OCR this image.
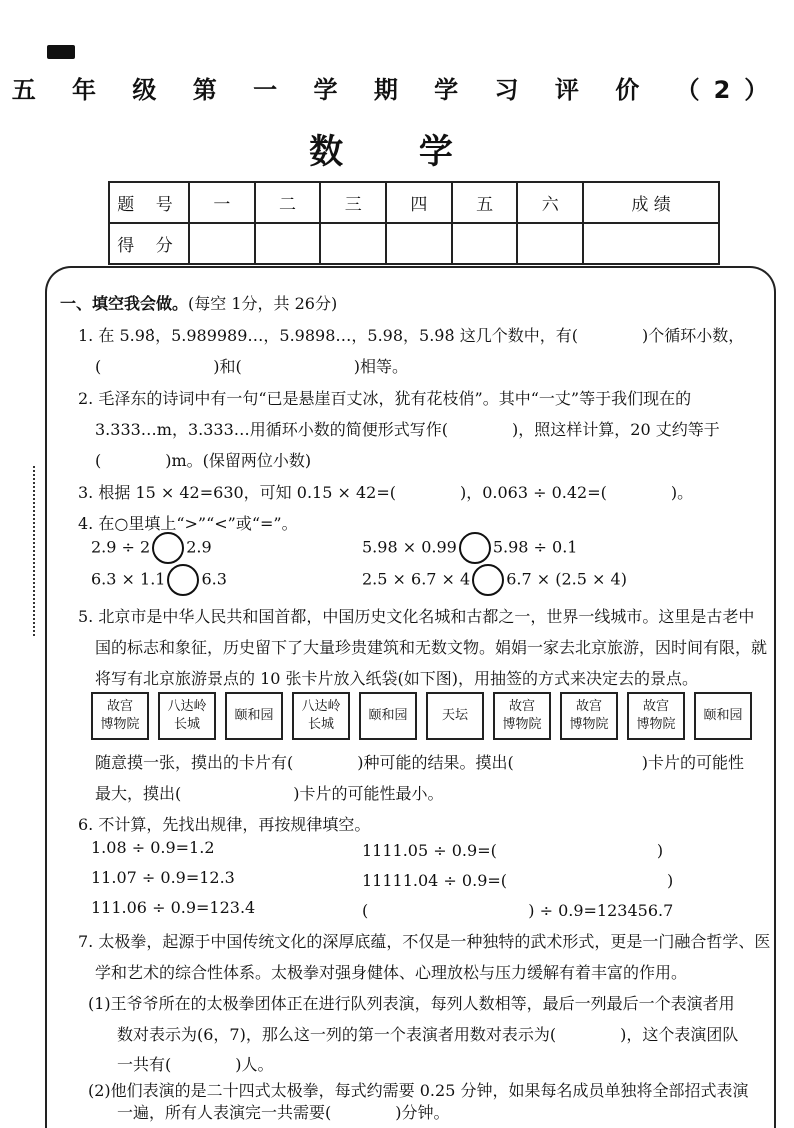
五 年 级 第 一 学 期 学 习 评 价 （2）
数 学
题 号	一	二	三	四	五	六	成 绩
得 分							
一、填空我会做。(每空 1分，共 26分)
1. 在 5.98̇，5.989989…，5.9898…，5.98，5.9̇8̇ 这几个数中，有(　　　　)个循环小数，
(　　　　　　　)和(　　　　　　　)相等。
2. 毛泽东的诗词中有一句“已是悬崖百丈冰，犹有花枝俏”。其中“一丈”等于我们现在的
3.333…m，3.333…用循环小数的简便形式写作(　　　　)，照这样计算，20 丈约等于
(　　　　)m。(保留两位小数)
3. 根据 15 × 42=630，可知 0.15 × 42=(　　　　)，0.063 ÷ 0.42=(　　　　)。
4. 在○里填上“>”“<”或“=”。
2.9 ÷ 2 2.9	5.98 × 0.99 5.98 ÷ 0.1
6.3 × 1.1 6.3	2.5 × 6.7 × 4 6.7 × (2.5 × 4)
5. 北京市是中华人民共和国首都，中国历史文化名城和古都之一，世界一线城市。这里是古老中
国的标志和象征，历史留下了大量珍贵建筑和无数文物。娟娟一家去北京旅游，因时间有限，就
将写有北京旅游景点的 10 张卡片放入纸袋(如下图)，用抽签的方式来决定去的景点。
故宫
博物院
八达岭
长城
颐和园
八达岭
长城
颐和园	天坛
故宫
博物院
故宫
博物院
故宫
博物院
颐和园
随意摸一张，摸出的卡片有(　　　　)种可能的结果。摸出(　　　　　　　　)卡片的可能性
最大，摸出(　　　　　　　)卡片的可能性最小。
6. 不计算，先找出规律，再按规律填空。
1.08 ÷ 0.9=1.2	1111.05 ÷ 0.9=(　　　　　　　　　　)
11.07 ÷ 0.9=12.3	11111.04 ÷ 0.9=(　　　　　　　　　　)
111.06 ÷ 0.9=123.4	(　　　　　　　　　　) ÷ 0.9=123456.7
7. 太极拳，起源于中国传统文化的深厚底蕴，不仅是一种独特的武术形式，更是一门融合哲学、医
学和艺术的综合性体系。太极拳对强身健体、心理放松与压力缓解有着丰富的作用。
(1)王爷爷所在的太极拳团体正在进行队列表演，每列人数相等，最后一列最后一个表演者用
数对表示为(6，7)，那么这一列的第一个表演者用数对表示为(　　　　)，这个表演团队
一共有(　　　　)人。
(2)他们表演的是二十四式太极拳，每式约需要 0.25 分钟，如果每名成员单独将全部招式表演
一遍，所有人表演完一共需要(　　　　)分钟。
